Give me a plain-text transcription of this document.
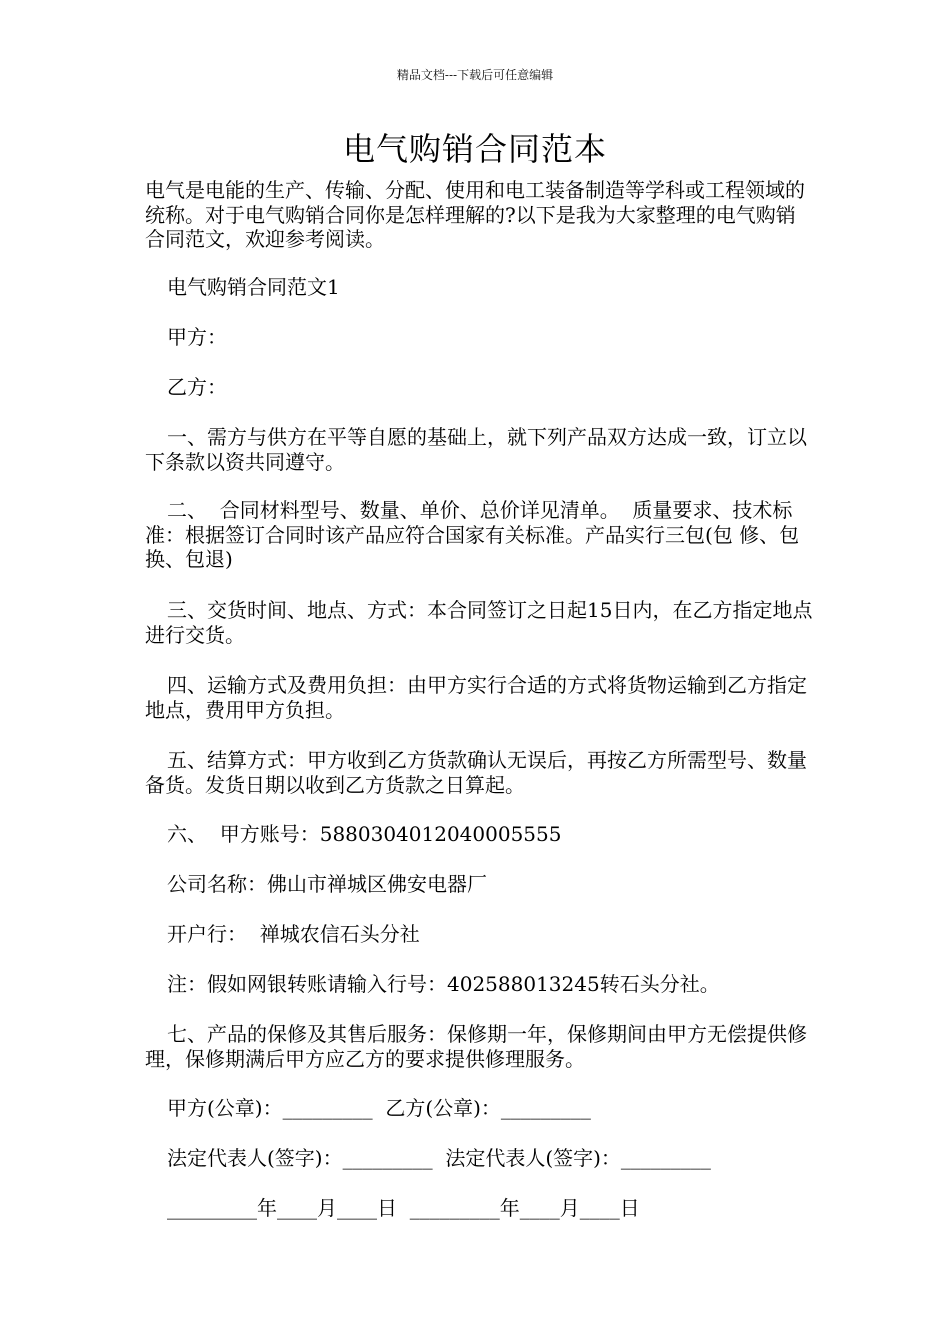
精品文档---下载后可任意编辑
电气购销合同范本

电气是电能的生产、传输、分配、使用和电工装备制造等学科或工程领域的统称。对于电气购销合同你是怎样理解的?以下是我为大家整理的电气购销合同范文，欢迎参考阅读。

电气购销合同范文1

甲方：

乙方：

一、需方与供方在平等自愿的基础上，就下列产品双方达成一致，订立以下条款以资共同遵守。

二、  合同材料型号、数量、单价、总价详见清单。  质量要求、技术标准：根据签订合同时该产品应符合国家有关标准。产品实行三包(包 修、包换、包退)

三、交货时间、地点、方式：本合同签订之日起15日内，在乙方指定地点进行交货。

四、运输方式及费用负担：由甲方实行合适的方式将货物运输到乙方指定地点，费用甲方负担。

五、结算方式：甲方收到乙方货款确认无误后，再按乙方所需型号、数量备货。发货日期以收到乙方货款之日算起。

六、  甲方账号：5880304012040005555

公司名称：佛山市禅城区佛安电器厂

开户行：  禅城农信石头分社

注：假如网银转账请输入行号：402588013245转石头分社。

七、产品的保修及其售后服务：保修期一年，保修期间由甲方无偿提供修理，保修期满后甲方应乙方的要求提供修理服务。

甲方(公章)：_________  乙方(公章)：_________

法定代表人(签字)：_________  法定代表人(签字)：_________

_________年____月____日  _________年____月____日
